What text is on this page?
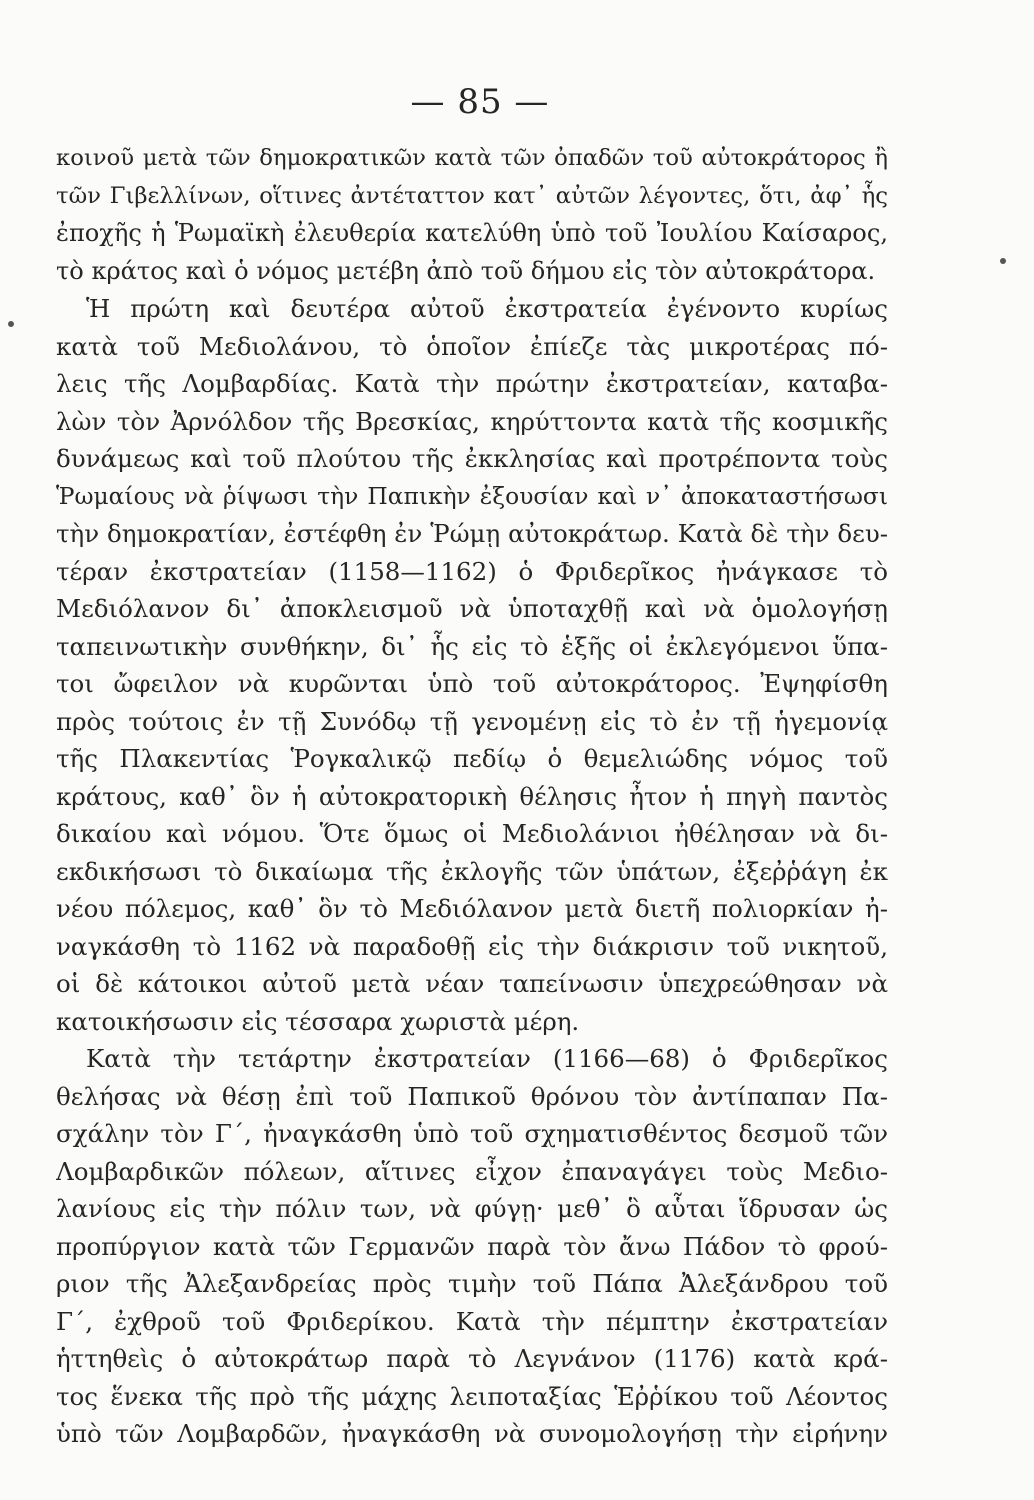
— 85 —
κοινοῦ μετὰ τῶν δημοκρατικῶν κατὰ τῶν ὀπαδῶν τοῦ αὐτοκράτορος ἢ
τῶν Γιβελλίνων, οἵτινες ἀντέταττον κατ᾽ αὐτῶν λέγοντες, ὅτι, ἀφ᾽ ἧς
ἐποχῆς ἡ Ῥωμαϊκὴ ἐλευθερία κατελύθη ὑπὸ τοῦ Ἰουλίου Καίσαρος,
τὸ κράτος καὶ ὁ νόμος μετέβη ἀπὸ τοῦ δήμου εἰς τὸν αὐτοκράτορα.
Ἡ πρώτη καὶ δευτέρα αὐτοῦ ἐκστρατεία ἐγένοντο κυρίως
κατὰ τοῦ Μεδιολάνου, τὸ ὁποῖον ἐπίεζε τὰς μικροτέρας πό-
λεις τῆς Λομβαρδίας. Κατὰ τὴν πρώτην ἐκστρατείαν, καταβα-
λὼν τὸν Ἀρνόλδον τῆς Βρεσκίας, κηρύττοντα κατὰ τῆς κοσμικῆς
δυνάμεως καὶ τοῦ πλούτου τῆς ἐκκλησίας καὶ προτρέποντα τοὺς
Ῥωμαίους νὰ ῥίψωσι τὴν Παπικὴν ἐξουσίαν καὶ ν᾽ ἀποκαταστήσωσι
τὴν δημοκρατίαν, ἐστέφθη ἐν Ῥώμῃ αὐτοκράτωρ. Κατὰ δὲ τὴν δευ-
τέραν ἐκστρατείαν (1158—1162) ὁ Φριδερῖκος ἠνάγκασε τὸ
Μεδιόλανον δι᾽ ἀποκλεισμοῦ νὰ ὑποταχθῇ καὶ νὰ ὁμολογήσῃ
ταπεινωτικὴν συνθήκην, δι᾽ ἧς εἰς τὸ ἑξῆς οἱ ἐκλεγόμενοι ὕπα-
τοι ὤφειλον νὰ κυρῶνται ὑπὸ τοῦ αὐτοκράτορος. Ἐψηφίσθη
πρὸς τούτοις ἐν τῇ Συνόδῳ τῇ γενομένῃ εἰς τὸ ἐν τῇ ἡγεμονίᾳ
τῆς Πλακεντίας Ῥογκαλικῷ πεδίῳ ὁ θεμελιώδης νόμος τοῦ
κράτους, καθ᾽ ὃν ἡ αὐτοκρατορικὴ θέλησις ἦτον ἡ πηγὴ παντὸς
δικαίου καὶ νόμου. Ὅτε ὅμως οἱ Μεδιολάνιοι ἠθέλησαν νὰ δι-
εκδικήσωσι τὸ δικαίωμα τῆς ἐκλογῆς τῶν ὑπάτων, ἐξεῤῥάγη ἐκ
νέου πόλεμος, καθ᾽ ὃν τὸ Μεδιόλανον μετὰ διετῆ πολιορκίαν ἠ-
ναγκάσθη τὸ 1162 νὰ παραδοθῇ εἰς τὴν διάκρισιν τοῦ νικητοῦ,
οἱ δὲ κάτοικοι αὐτοῦ μετὰ νέαν ταπείνωσιν ὑπεχρεώθησαν νὰ
κατοικήσωσιν εἰς τέσσαρα χωριστὰ μέρη.
Κατὰ τὴν τετάρτην ἐκστρατείαν (1166—68) ὁ Φριδερῖκος
θελήσας νὰ θέσῃ ἐπὶ τοῦ Παπικοῦ θρόνου τὸν ἀντίπαπαν Πα-
σχάλην τὸν Γ΄, ἠναγκάσθη ὑπὸ τοῦ σχηματισθέντος δεσμοῦ τῶν
Λομβαρδικῶν πόλεων, αἵτινες εἶχον ἐπαναγάγει τοὺς Μεδιο-
λανίους εἰς τὴν πόλιν των, νὰ φύγῃ· μεθ᾽ ὃ αὗται ἵδρυσαν ὡς
προπύργιον κατὰ τῶν Γερμανῶν παρὰ τὸν ἄνω Πάδον τὸ φρού-
ριον τῆς Ἀλεξανδρείας πρὸς τιμὴν τοῦ Πάπα Ἀλεξάνδρου τοῦ
Γ΄, ἐχθροῦ τοῦ Φριδερίκου. Κατὰ τὴν πέμπτην ἐκστρατείαν
ἡττηθεὶς ὁ αὐτοκράτωρ παρὰ τὸ Λεγνάνον (1176) κατὰ κρά-
τος ἕνεκα τῆς πρὸ τῆς μάχης λειποταξίας Ἑῤῥίκου τοῦ Λέοντος
ὑπὸ τῶν Λομβαρδῶν, ἠναγκάσθη νὰ συνομολογήσῃ τὴν εἰρήνην
